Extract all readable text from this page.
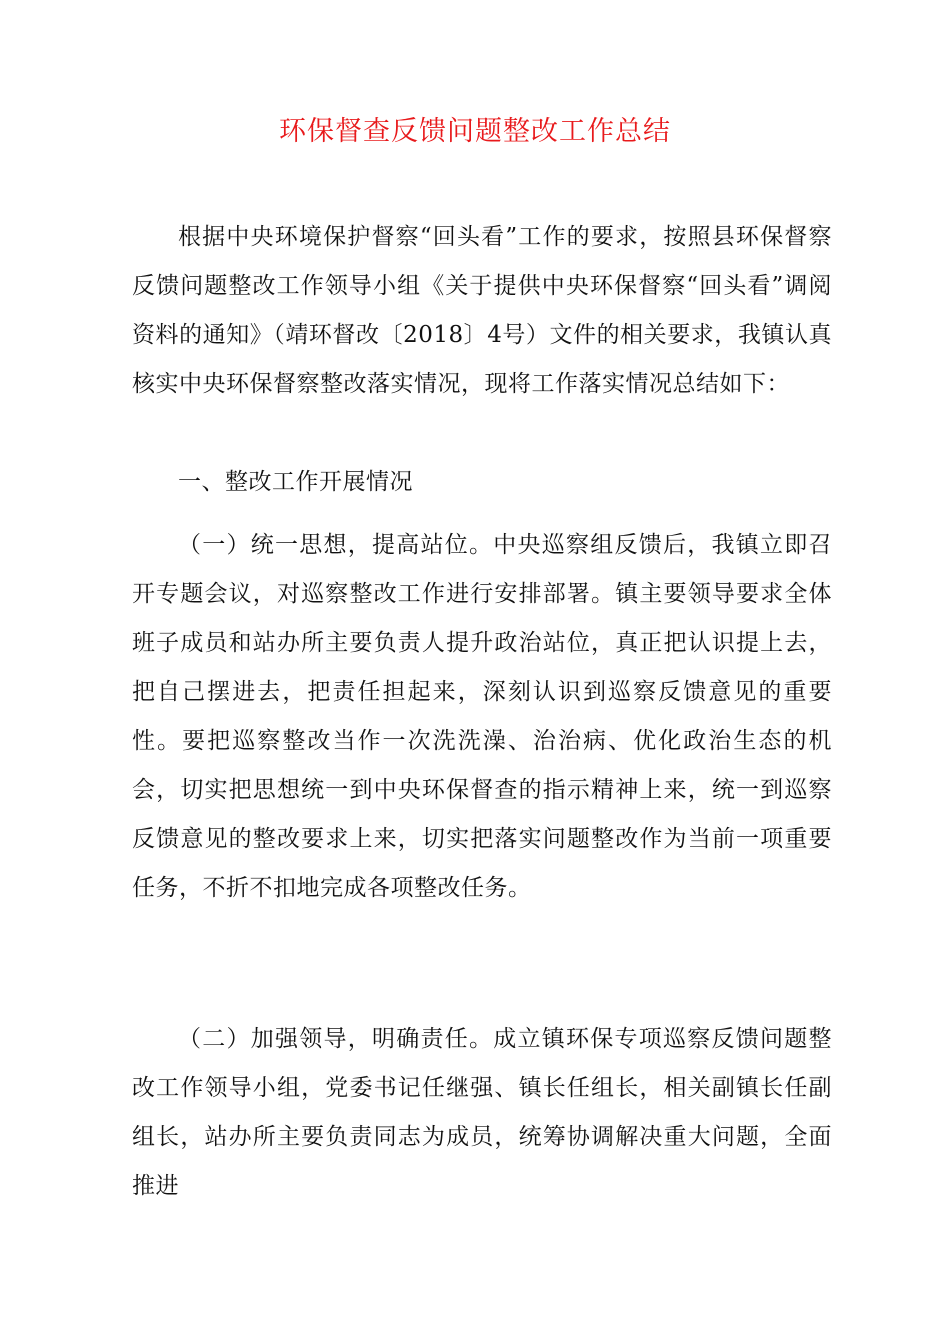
环保督查反馈问题整改工作总结

根据中央环境保护督察“回头看”工作的要求，按照县环保督察反馈问题整改工作领导小组《关于提供中央环保督察“回头看”调阅资料的通知》（靖环督改〔2018〕4号）文件的相关要求，我镇认真核实中央环保督察整改落实情况，现将工作落实情况总结如下：

一、整改工作开展情况

（一）统一思想，提高站位。中央巡察组反馈后，我镇立即召开专题会议，对巡察整改工作进行安排部署。镇主要领导要求全体班子成员和站办所主要负责人提升政治站位，真正把认识提上去，把自己摆进去，把责任担起来，深刻认识到巡察反馈意见的重要性。要把巡察整改当作一次洗洗澡、治治病、优化政治生态的机会，切实把思想统一到中央环保督查的指示精神上来，统一到巡察反馈意见的整改要求上来，切实把落实问题整改作为当前一项重要任务，不折不扣地完成各项整改任务。

（二）加强领导，明确责任。成立镇环保专项巡察反馈问题整改工作领导小组，党委书记任继强、镇长任组长，相关副镇长任副组长，站办所主要负责同志为成员，统筹协调解决重大问题，全面推进
